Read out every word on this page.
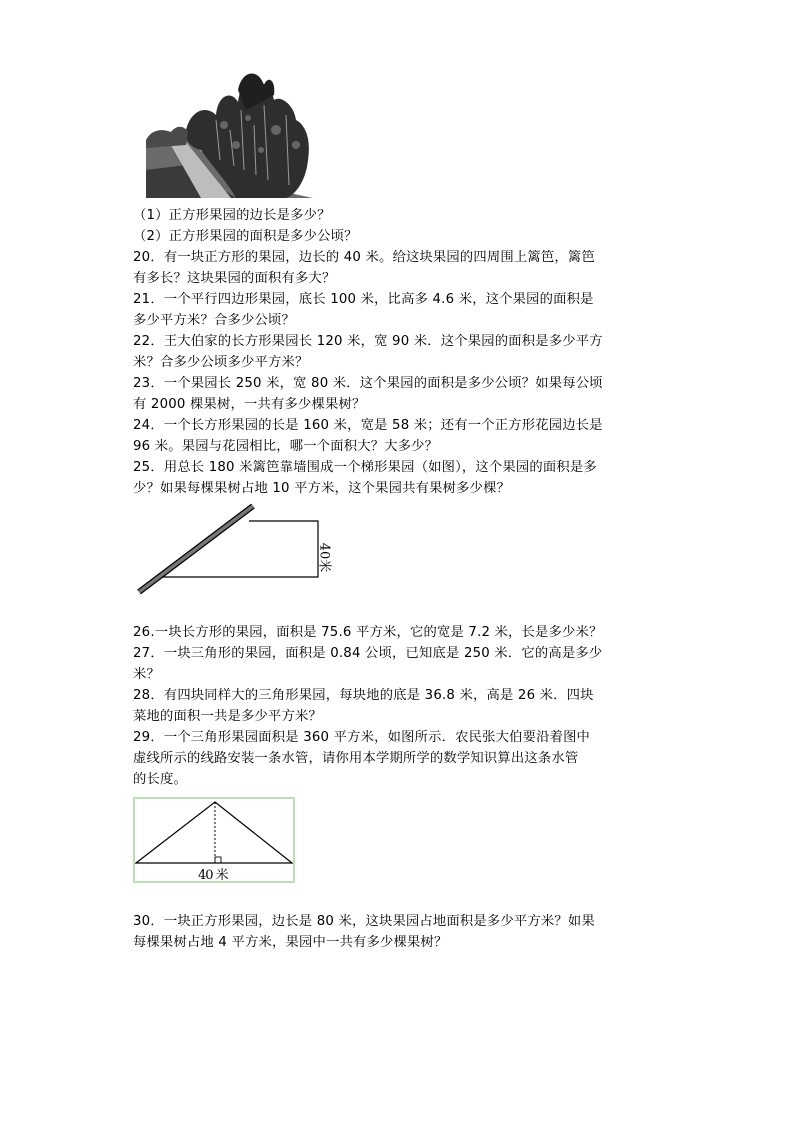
（1）正方形果园的边长是多少？
（2）正方形果园的面积是多少公顷？
20．有一块正方形的果园，边长的 40 米。给这块果园的四周围上篱笆，篱笆
有多长？这块果园的面积有多大？
21．一个平行四边形果园，底长 100 米，比高多 4.6 米，这个果园的面积是
多少平方米？合多少公顷？
22．王大伯家的长方形果园长 120 米，宽 90 米．这个果园的面积是多少平方
米？合多少公顷多少平方米？
23．一个果园长 250 米，宽 80 米．这个果园的面积是多少公顷？如果每公顷
有 2000 棵果树，一共有多少棵果树？
24．一个长方形果园的长是 160 米，宽是 58 米；还有一个正方形花园边长是
96 米。果园与花园相比，哪一个面积大？大多少？
25．用总长 180 米篱笆靠墙围成一个梯形果园（如图），这个果园的面积是多
少？如果每棵果树占地 10 平方米，这个果园共有果树多少棵？
40米
26.一块长方形的果园，面积是 75.6 平方米，它的宽是 7.2 米，长是多少米？
27．一块三角形的果园，面积是 0.84 公顷，已知底是 250 米．它的高是多少
米？
28．有四块同样大的三角形果园，每块地的底是 36.8 米，高是 26 米．四块
菜地的面积一共是多少平方米？
29．一个三角形果园面积是 360 平方米，如图所示．农民张大伯要沿着图中
虚线所示的线路安装一条水管，请你用本学期所学的数学知识算出这条水管
的长度。
40 米
30．一块正方形果园，边长是 80 米，这块果园占地面积是多少平方米？如果
每棵果树占地 4 平方米，果园中一共有多少棵果树？
